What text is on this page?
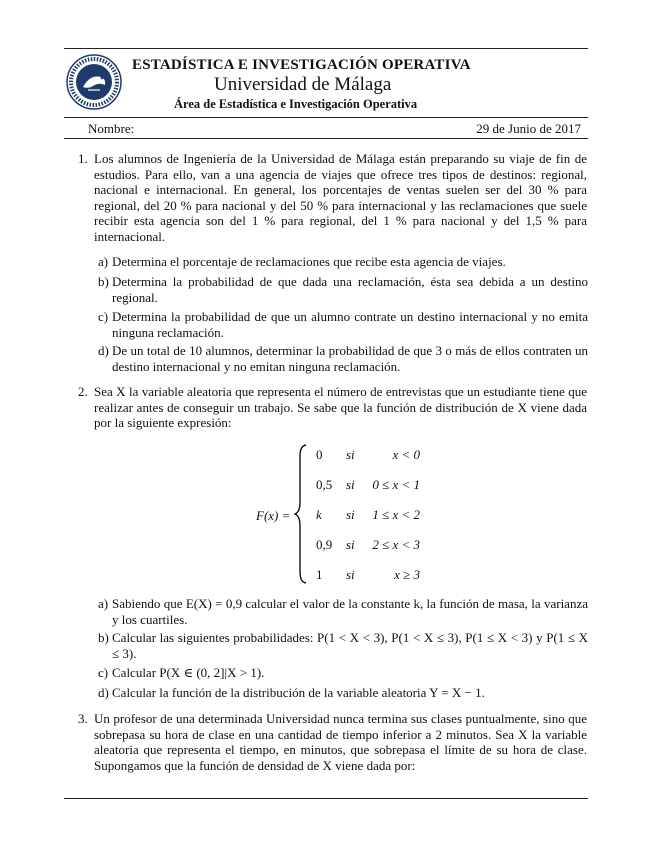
ESTADÍSTICA E INVESTIGACIÓN OPERATIVA
Universidad de Málaga
Área de Estadística e Investigación Operativa
Nombre:	29 de Junio de 2017
1. Los alumnos de Ingeniería de la Universidad de Málaga están preparando su viaje de fin de estudios. Para ello, van a una agencia de viajes que ofrece tres tipos de destinos: regional, nacional e internacional. En general, los porcentajes de ventas suelen ser del 30 % para regional, del 20 % para nacional y del 50 % para internacional y las reclamaciones que suele recibir esta agencia son del 1 % para regional, del 1 % para nacional y del 1,5 % para internacional.
a) Determina el porcentaje de reclamaciones que recibe esta agencia de viajes.
b) Determina la probabilidad de que dada una reclamación, ésta sea debida a un destino regional.
c) Determina la probabilidad de que un alumno contrate un destino internacional y no emita ninguna reclamación.
d) De un total de 10 alumnos, determinar la probabilidad de que 3 o más de ellos contraten un destino internacional y no emitan ninguna reclamación.
2. Sea X la variable aleatoria que representa el número de entrevistas que un estudiante tiene que realizar antes de conseguir un trabajo. Se sabe que la función de distribución de X viene dada por la siguiente expresión:
F(x) =
0 si	x < 0
0,5 si	0 ≤ x < 1
k si	1 ≤ x < 2
0,9 si	2 ≤ x < 3
1 si	x ≥ 3
a) Sabiendo que E(X) = 0,9 calcular el valor de la constante k, la función de masa, la varianza y los cuartiles.
b) Calcular las siguientes probabilidades: P(1 < X < 3), P(1 < X ≤ 3), P(1 ≤ X < 3) y P(1 ≤ X ≤ 3).
c) Calcular P(X ∈ (0, 2]|X > 1).
d) Calcular la función de la distribución de la variable aleatoria Y = X − 1.
3. Un profesor de una determinada Universidad nunca termina sus clases puntualmente, sino que sobrepasa su hora de clase en una cantidad de tiempo inferior a 2 minutos. Sea X la variable aleatoria que representa el tiempo, en minutos, que sobrepasa el límite de su hora de clase. Supongamos que la función de densidad de X viene dada por:
